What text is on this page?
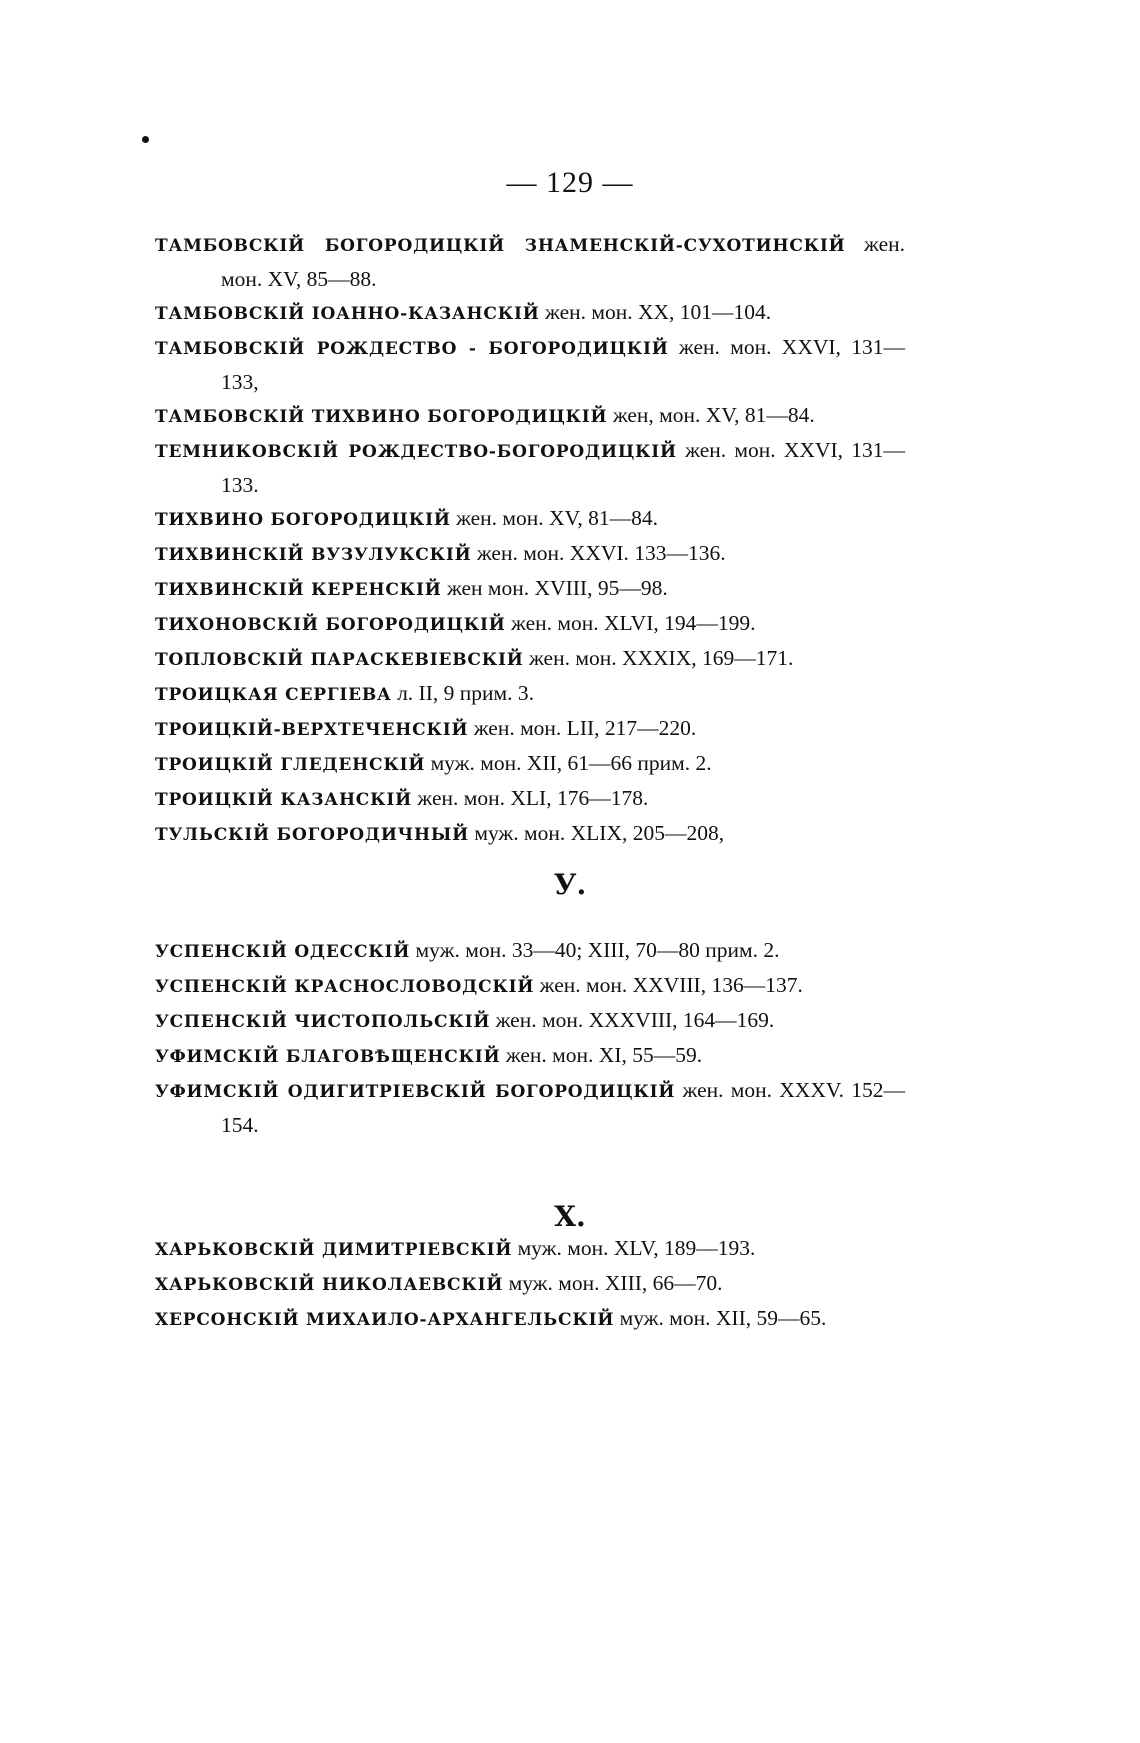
— 129 —
ТАМБОВСКІЙ БОГОРОДИЦКІЙ ЗНАМЕНСКІЙ-СУХОТИНСКІЙ жен. мон. XV, 85—88.
ТАМБОВСКІЙ ІОАННО-КАЗАНСКІЙ жен. мон. XX, 101—104.
ТАМБОВСКІЙ РОЖДЕСТВО - БОГОРОДИЦКІЙ жен. мон. XXVI, 131—133,
ТАМБОВСКІЙ ТИХВИНО БОГОРОДИЦКІЙ жен, мон. XV, 81—84.
ТЕМНИКОВСКІЙ РОЖДЕСТВО-БОГОРОДИЦКІЙ жен. мон. XXVI, 131—133.
ТИХВИНО БОГОРОДИЦКІЙ жен. мон. XV, 81—84.
ТИХВИНСКІЙ ВУЗУЛУКСКІЙ жен. мон. XXVI. 133—136.
ТИХВИНСКІЙ КЕРЕНСКІЙ жен мон. XVIII, 95—98.
ТИХОНОВСКІЙ БОГОРОДИЦКІЙ жен. мон. XLVI, 194—199.
ТОПЛОВСКІЙ ПАРАСКЕВІЕВСКІЙ жен. мон. XXXIX, 169—171.
ТРОИЦКАЯ СЕРГІЕВА л. II, 9 прим. 3.
ТРОИЦКІЙ-ВЕРХТЕЧЕНСКІЙ жен. мон. LII, 217—220.
ТРОИЦКІЙ ГЛЕДЕНСКІЙ муж. мон. XII, 61—66 прим. 2.
ТРОИЦКІЙ КАЗАНСКІЙ жен. мон. XLI, 176—178.
ТУЛЬСКІЙ БОГОРОДИЧНЫЙ муж. мон. XLIX, 205—208,
У.
УСПЕНСКІЙ ОДЕССКІЙ муж. мон. 33—40; XIII, 70—80 прим. 2.
УСПЕНСКІЙ КРАСНОСЛОВОДСКІЙ жен. мон. XXVIII, 136—137.
УСПЕНСКІЙ ЧИСТОПОЛЬСКІЙ жен. мон. XXXVIII, 164—169.
УФИМСКІЙ БЛАГОВѢЩЕНСКІЙ жен. мон. XI, 55—59.
УФИМСКІЙ ОДИГИТРІЕВСКІЙ БОГОРОДИЦКІЙ жен. мон. XXXV. 152—154.
Х.
ХАРЬКОВСКІЙ ДИМИТРІЕВСКІЙ муж. мон. XLV, 189—193.
ХАРЬКОВСКІЙ НИКОЛАЕВСКІЙ муж. мон. XIII, 66—70.
ХЕРСОНСКІЙ МИХАИЛО-АРХАНГЕЛЬСКІЙ муж. мон. XII, 59—65.
